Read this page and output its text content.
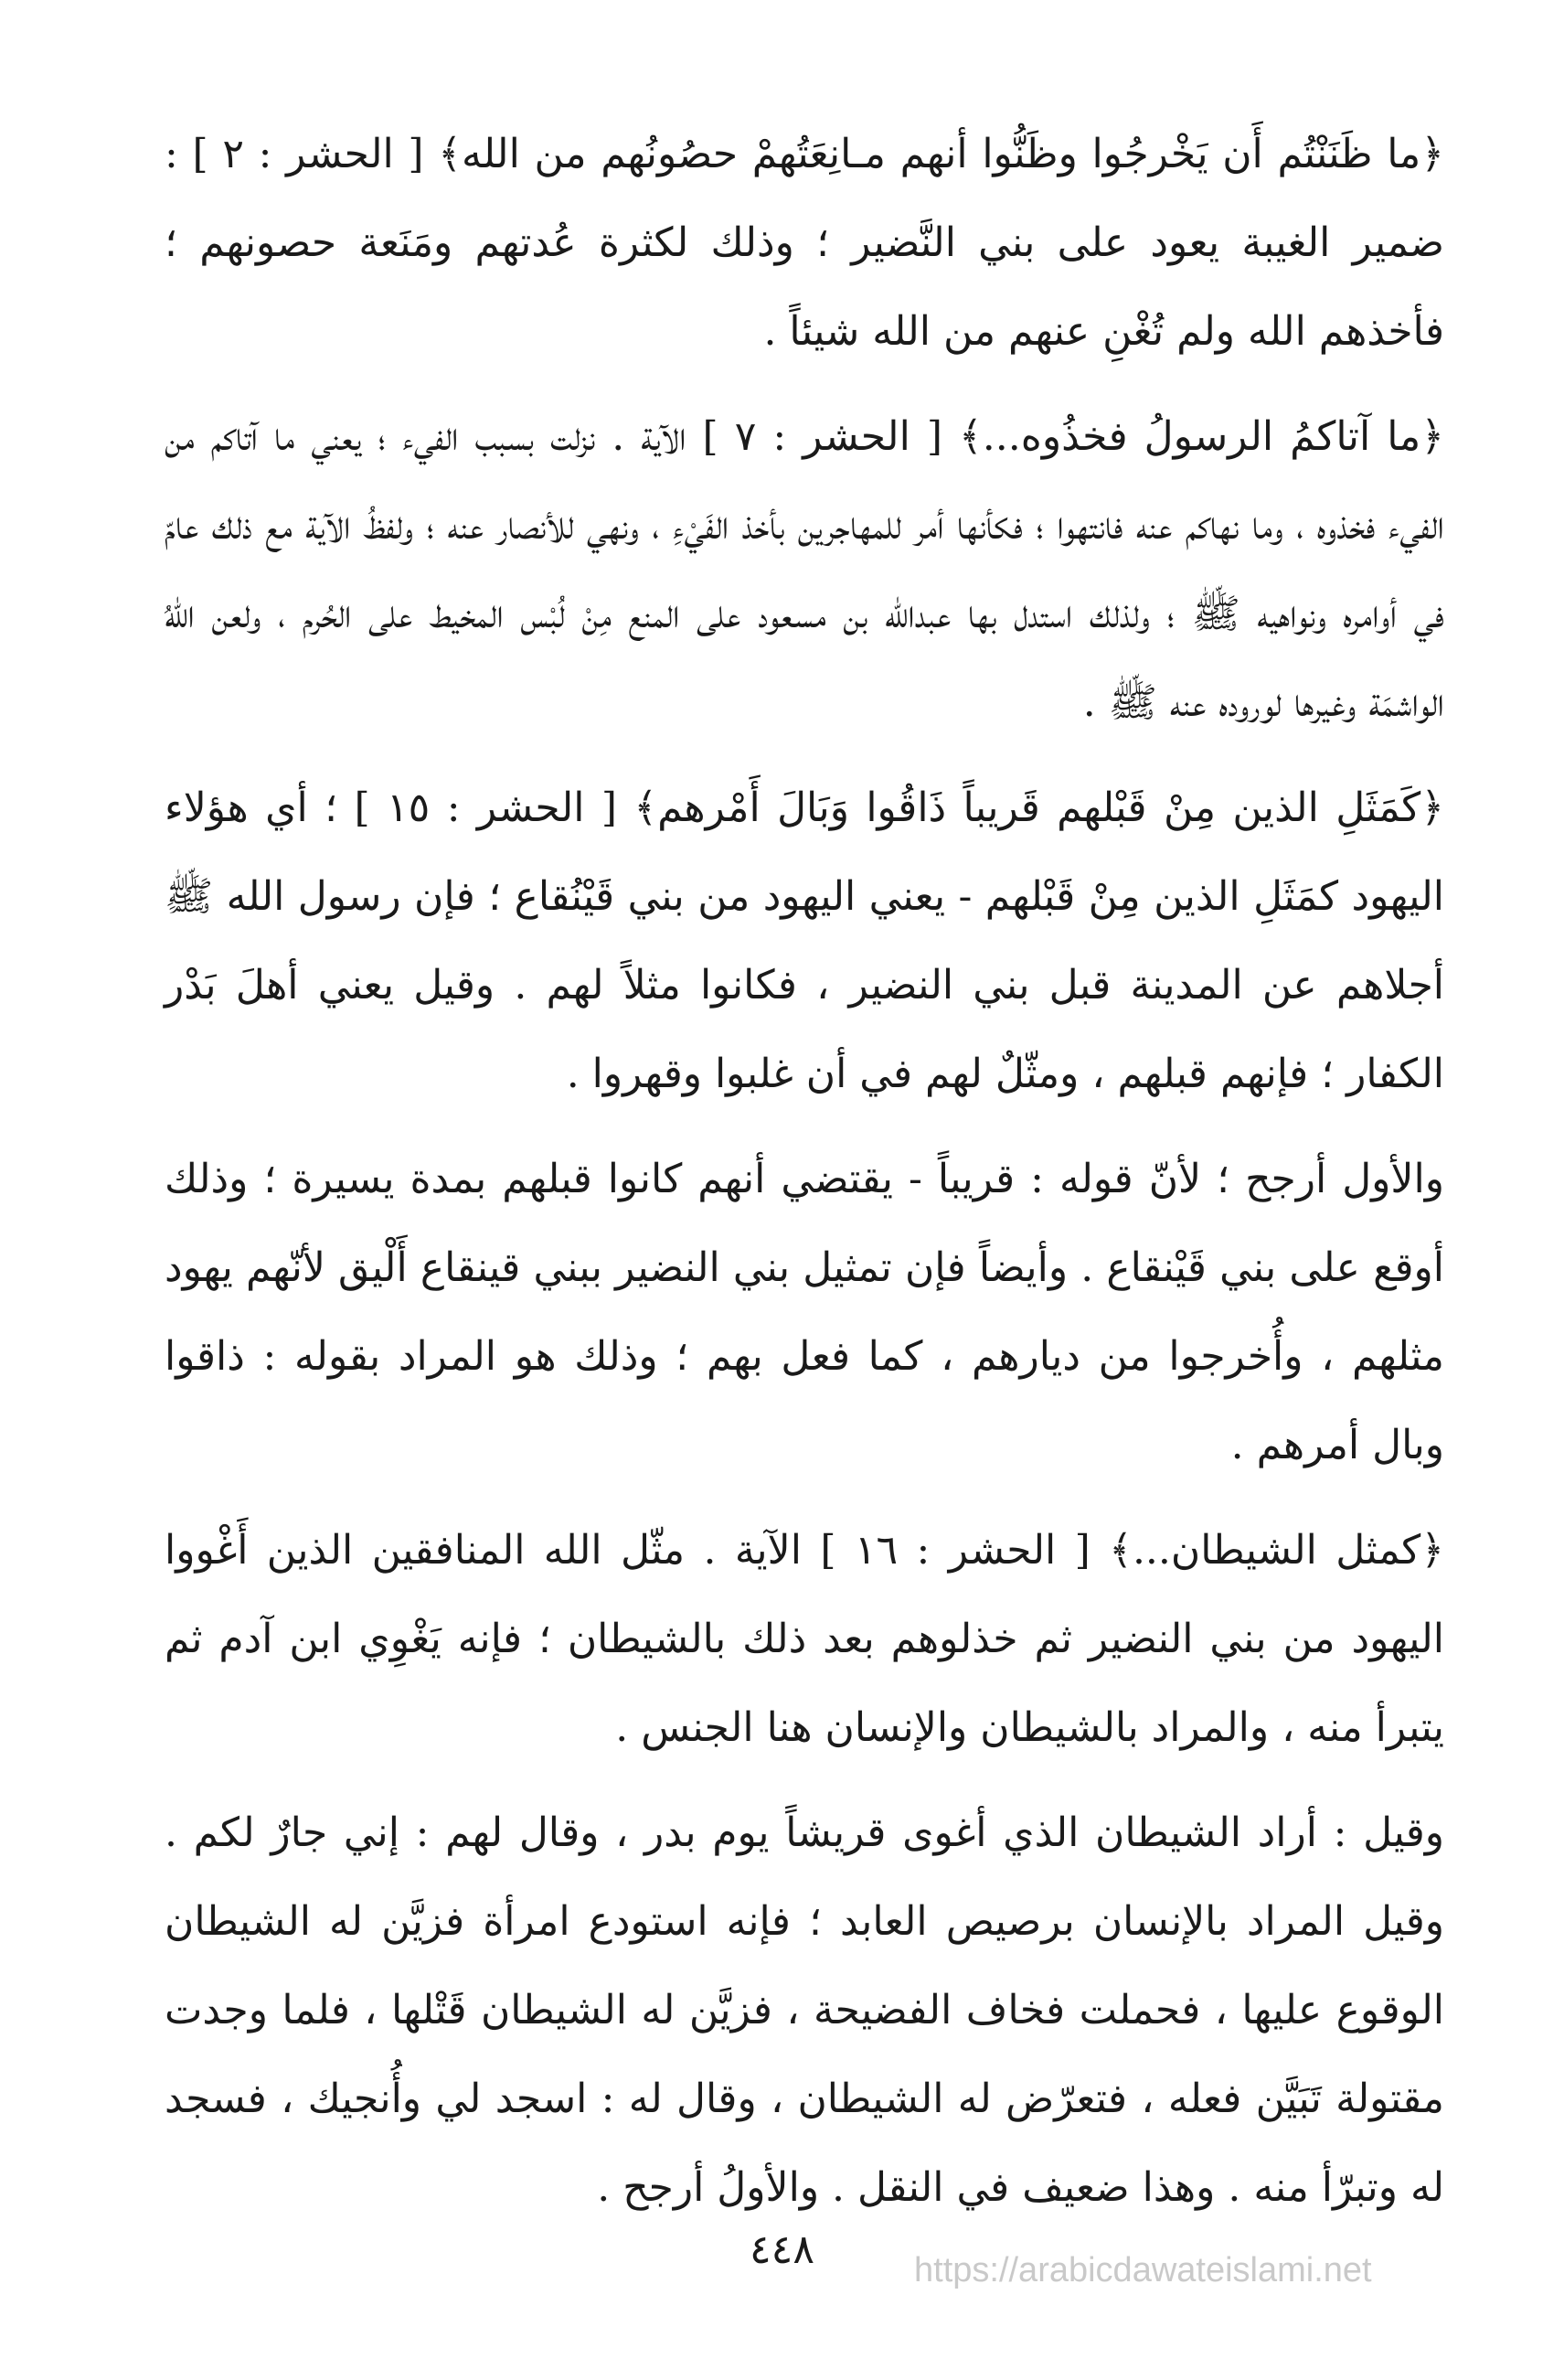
﴿ما ظَنَنْتُم أَن يَخْرجُوا وظَنُّوا أنهم مـانِعَتُهمْ حصُونُهم من الله﴾ [ الحشر : ٢ ] : ضمير الغيبة يعود على بني النَّضير ؛ وذلك لكثرة عُدتهم ومَنَعة حصونهم ؛ فأخذهم الله ولم تُغْنِ عنهم من الله شيئاً .

﴿ما آتاكمُ الرسولُ فخذُوه...﴾ [ الحشر : ٧ ] الآية . نزلت بسبب الفيء ؛ يعني ما آتاكم من الفيء فخذوه ، وما نهاكم عنه فانتهوا ؛ فكأنها أمر للمهاجرين بأخذ الفَيْءِ ، ونهي للأنصار عنه ؛ ولفظُ الآية مع ذلك عامّ في أوامره ونواهيه ﷺ ؛ ولذلك استدل بها عبدالله بن مسعود على المنع مِنْ لُبْس المخيط على الحُرم ، ولعن اللهُ الواشمَة وغيرها لوروده عنه ﷺ .

﴿كَمَثَلِ الذين مِنْ قَبْلهم قَريباً ذَاقُوا وَبَالَ أَمْرهم﴾ [ الحشر : ١٥ ] ؛ أي هؤلاء اليهود كمَثَلِ الذين مِنْ قَبْلهم - يعني اليهود من بني قَيْنُقاع ؛ فإن رسول الله ﷺ أجلاهم عن المدينة قبل بني النضير ، فكانوا مثلاً لهم . وقيل يعني أهلَ بَدْر الكفار ؛ فإنهم قبلهم ، ومثّلٌ لهم في أن غلبوا وقهروا .

والأول أرجح ؛ لأنّ قوله : قريباً - يقتضي أنهم كانوا قبلهم بمدة يسيرة ؛ وذلك أوقع على بني قَيْنقاع . وأيضاً فإن تمثيل بني النضير ببني قينقاع أَلْيق لأنّهم يهود مثلهم ، وأُخرجوا من ديارهم ، كما فعل بهم ؛ وذلك هو المراد بقوله : ذاقوا وبال أمرهم .

﴿كمثل الشيطان...﴾ [ الحشر : ١٦ ] الآية . مثّل الله المنافقين الذين أَغْووا اليهود من بني النضير ثم خذلوهم بعد ذلك بالشيطان ؛ فإنه يَغْوِي ابن آدم ثم يتبرأ منه ، والمراد بالشيطان والإنسان هنا الجنس .

وقيل : أراد الشيطان الذي أغوى قريشاً يوم بدر ، وقال لهم : إني جارٌ لكم . وقيل المراد بالإنسان برصيص العابد ؛ فإنه استودع امرأة فزيَّن له الشيطان الوقوع عليها ، فحملت فخاف الفضيحة ، فزيَّن له الشيطان قَتْلها ، فلما وجدت مقتولة تَبَيَّن فعله ، فتعرّض له الشيطان ، وقال له : اسجد لي وأُنجيك ، فسجد له وتبرّأ منه . وهذا ضعيف في النقل . والأولُ أرجح .

٤٤٨	https://arabicdawateislami.net
